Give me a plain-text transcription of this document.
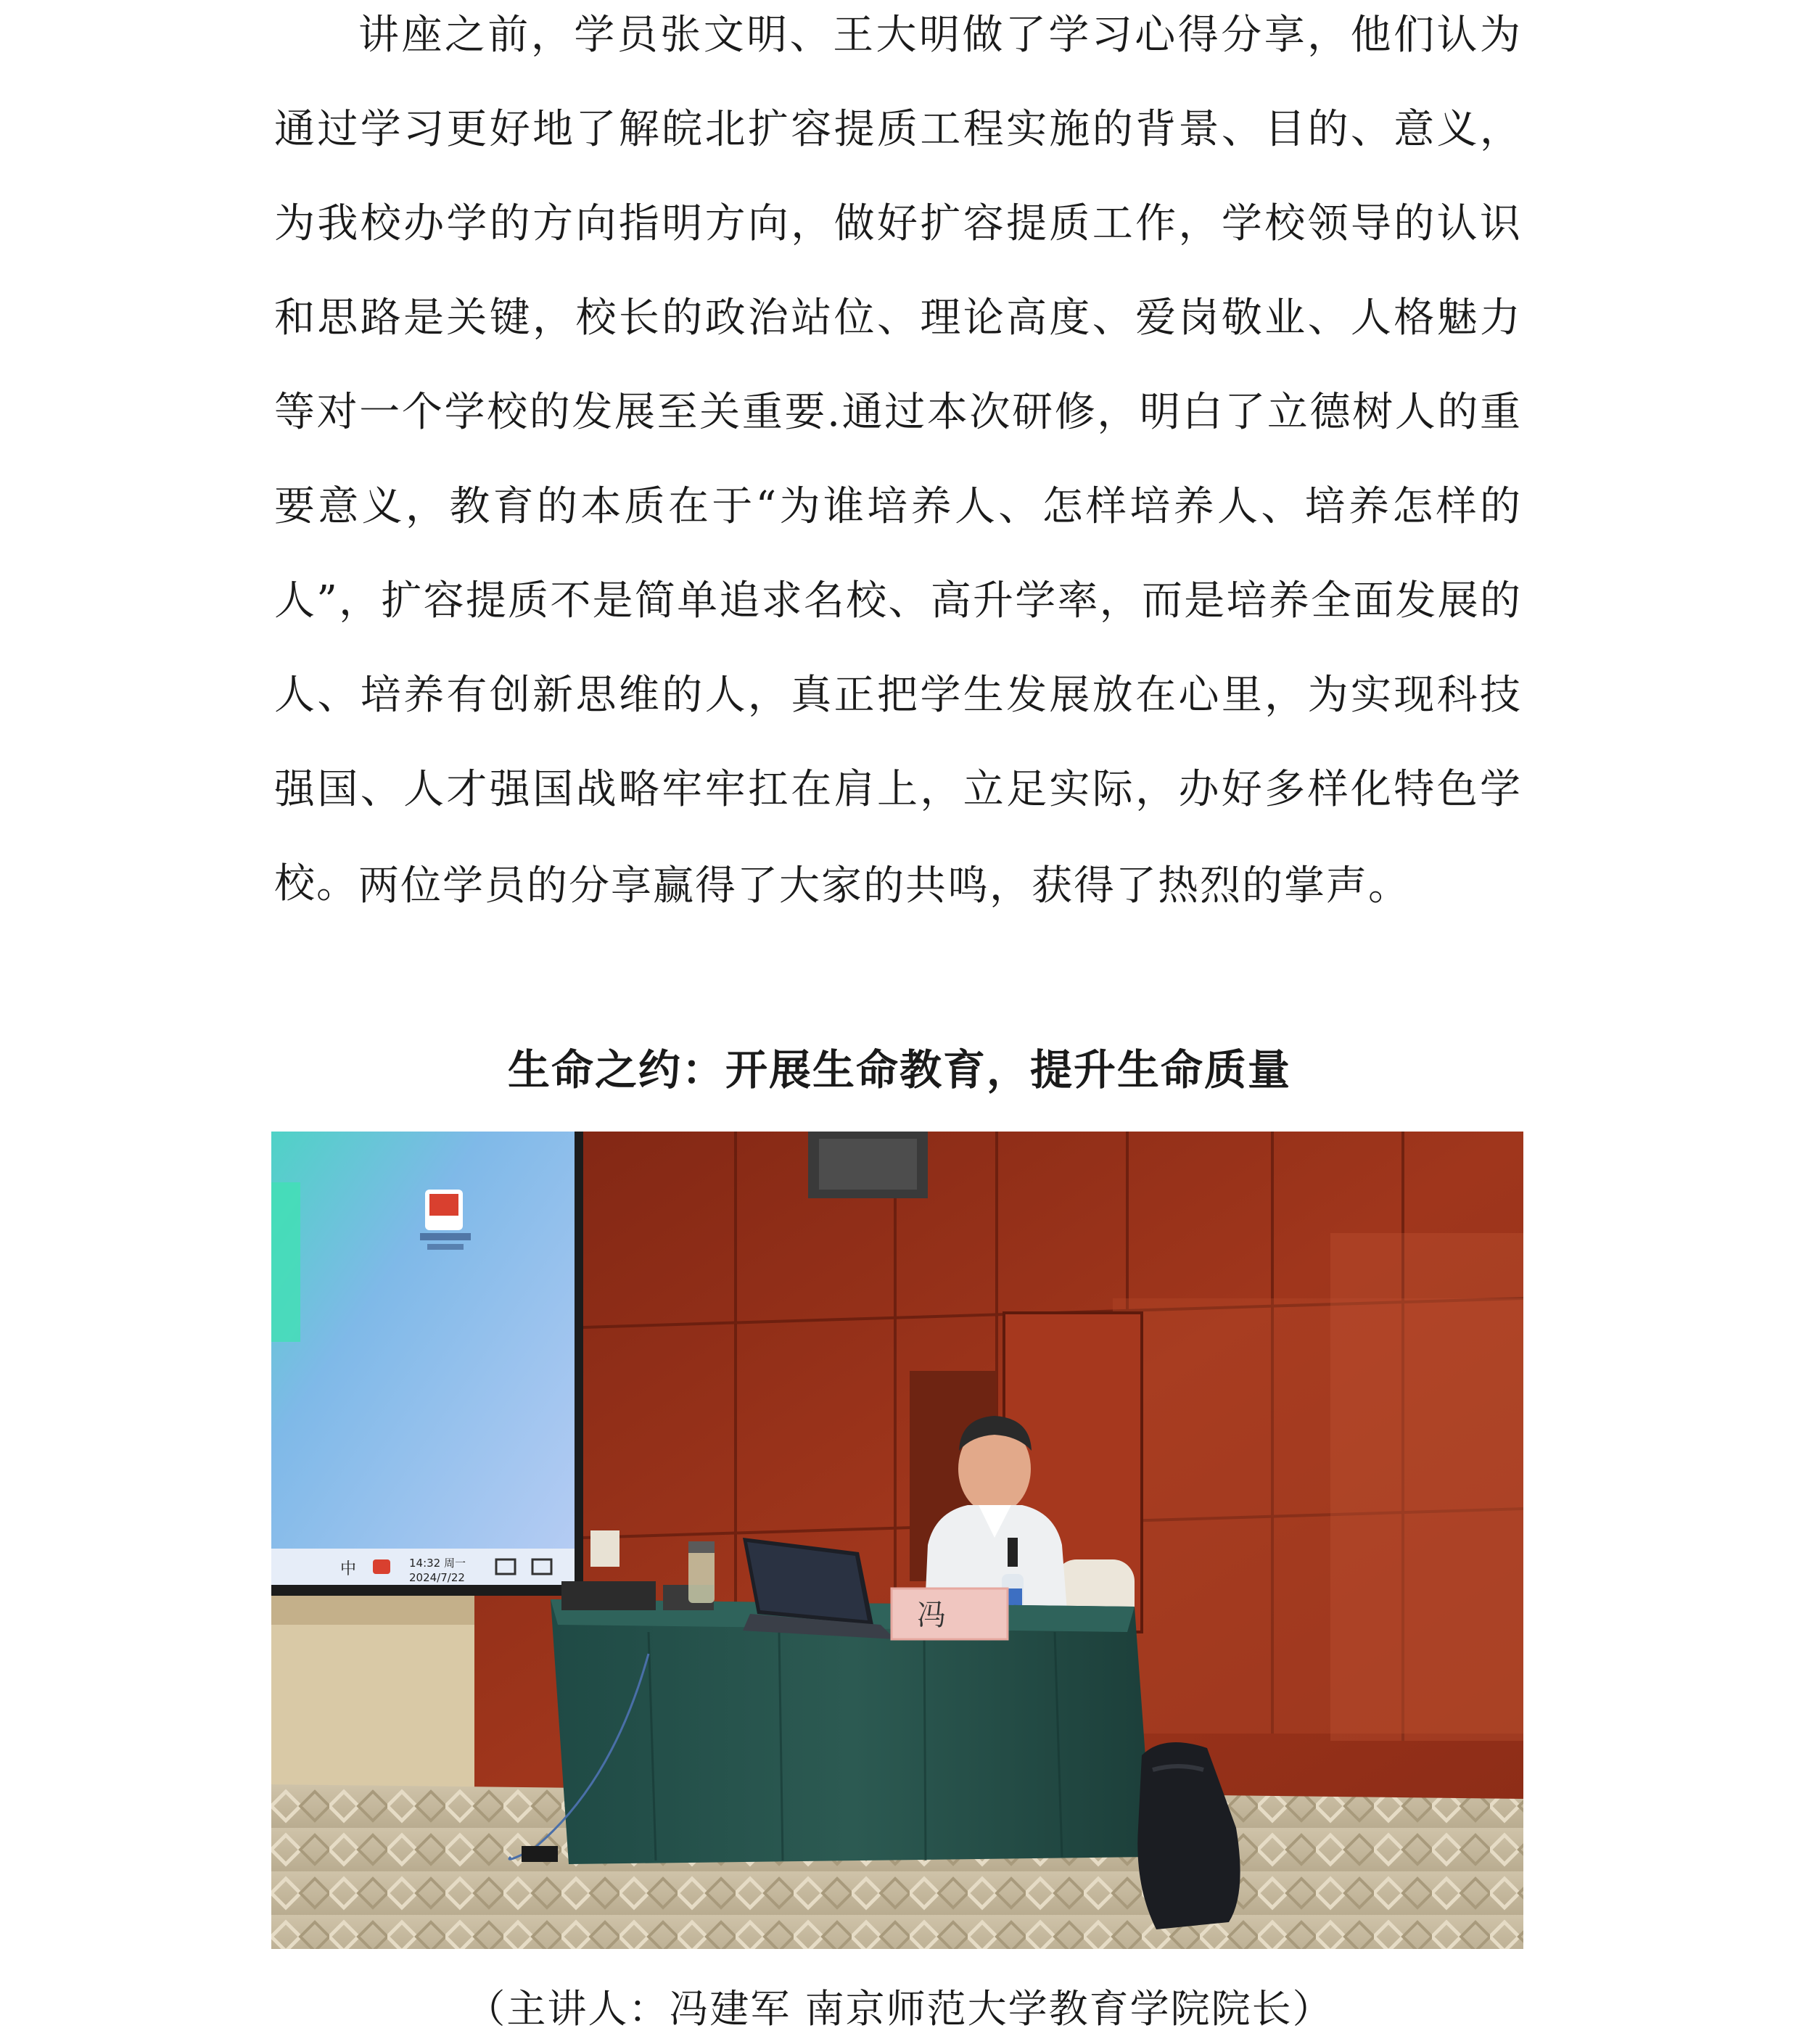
讲座之前，学员张文明、王大明做了学习心得分享，他们认为通过学习更好地了解皖北扩容提质工程实施的背景、目的、意义，为我校办学的方向指明方向，做好扩容提质工作，学校领导的认识和思路是关键，校长的政治站位、理论高度、爱岗敬业、人格魅力等对一个学校的发展至关重要.通过本次研修，明白了立德树人的重要意义，教育的本质在于“为谁培养人、怎样培养人、培养怎样的人”，扩容提质不是简单追求名校、高升学率，而是培养全面发展的人、培养有创新思维的人，真正把学生发展放在心里，为实现科技强国、人才强国战略牢牢扛在肩上，立足实际，办好多样化特色学校。 两位学员的分享赢得了大家的共鸣，获得了热烈的掌声。

生命之约：开展生命教育，提升生命质量
中	14:32 周一
2024/7/22
冯

（主讲人：冯建军 南京师范大学教育学院院长）
